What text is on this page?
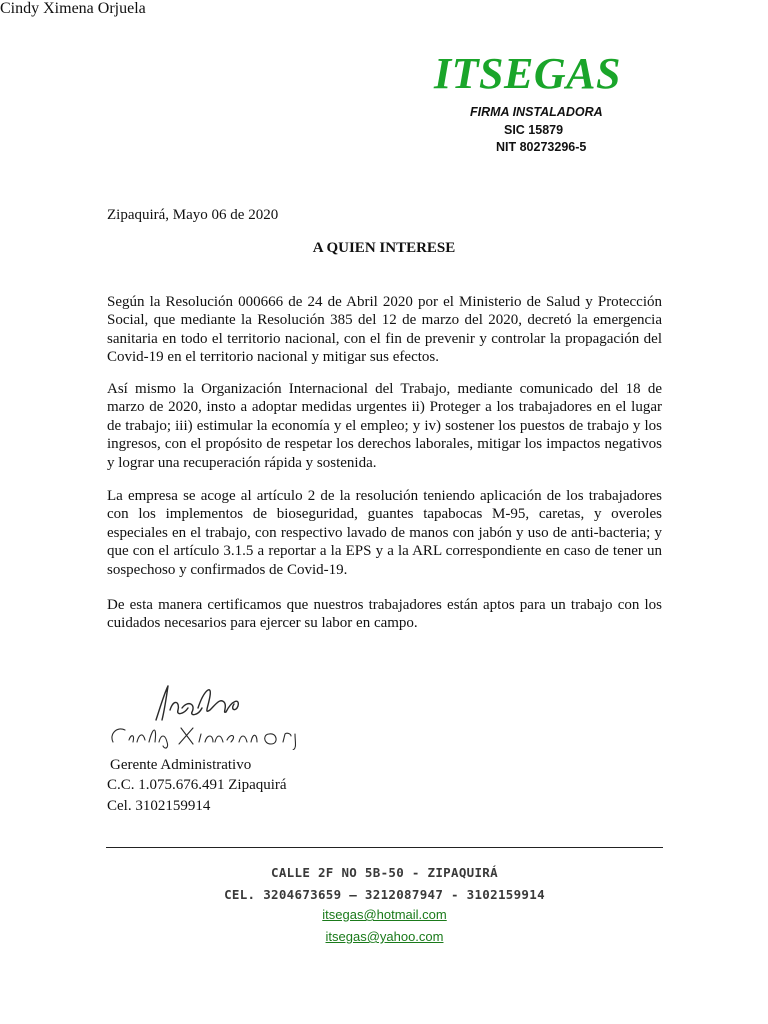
ITSEGAS
FIRMA INSTALADORA
SIC 15879
NIT 80273296-5
Zipaquirá, Mayo 06 de 2020
A QUIEN INTERESE

Según la Resolución 000666 de 24 de Abril 2020 por el Ministerio de Salud y Protección Social, que mediante la Resolución 385 del 12 de marzo del 2020, decretó la emergencia sanitaria en todo el territorio nacional, con el fin de prevenir y controlar la propagación del Covid-19 en el territorio nacional y mitigar sus efectos.

Así mismo la Organización Internacional del Trabajo, mediante comunicado del 18 de marzo de 2020, insto a adoptar medidas urgentes ii) Proteger a los trabajadores en el lugar de trabajo; iii) estimular la economía y el empleo; y iv) sostener los puestos de trabajo y los ingresos, con el propósito de respetar los derechos laborales, mitigar los impactos negativos y lograr una recuperación rápida y sostenida.

La empresa se acoge al artículo 2 de la resolución teniendo aplicación de los trabajadores con los implementos de bioseguridad, guantes tapabocas M-95, caretas, y overoles especiales en el trabajo, con respectivo lavado de manos con jabón y uso de anti-bacteria; y que con el artículo 3.1.5 a reportar a la EPS y a la ARL correspondiente en caso de tener un sospechoso y confirmados de Covid-19.

De esta manera certificamos que nuestros trabajadores están aptos para un trabajo con los cuidados necesarios para ejercer su labor en campo.

Cindy Ximena Orjuela
Gerente Administrativo
C.C. 1.075.676.491 Zipaquirá
Cel. 3102159914
CALLE 2F NO 5B-50 - ZIPAQUIRÁ
CEL. 3204673659 – 3212087947 - 3102159914
itsegas@hotmail.com
itsegas@yahoo.com
